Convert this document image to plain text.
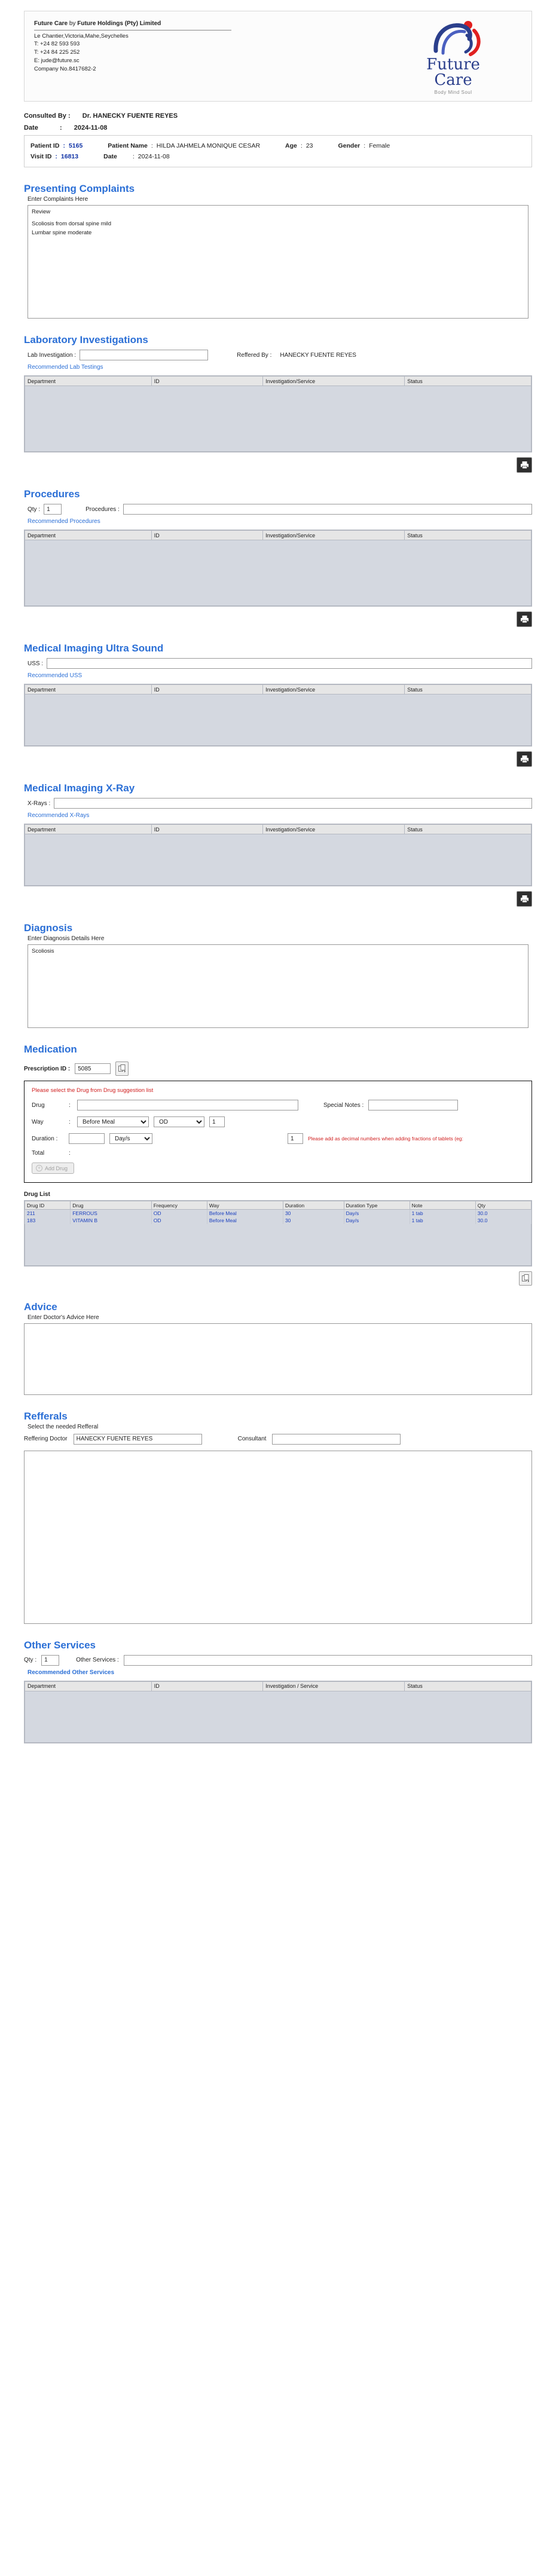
Future Care by Future Holdings (Pty) Limited
Le Chantier,Victoria,Mahe,Seychelles
T: +24 82 593 593
T: +24 84 225 252
E: jude@future.sc
Company No.8417682-2	Future
Care
Body Mind Soul
Consulted By : Dr. HANECKY FUENTE REYES
Date	: 2024-11-08
Patient ID : 5165	Patient Name : HILDA JAHMELA MONIQUE CESAR	Age : 23	Gender : Female
Visit ID : 16813	Date : 2024-11-08
Presenting Complaints
Enter Complaints Here
Review
Scoliosis from dorsal spine mild
Lumbar spine moderate
Laboratory Investigations
Lab Investigation :	Reffered By : HANECKY FUENTE REYES
Recommended Lab Testings
Department	ID	Investigation/Service	Status
Procedures
Qty :
1	Procedures :
Recommended Procedures
Department	ID	Investigation/Service	Status
Medical Imaging Ultra Sound
USS :
Recommended USS
Department	ID	Investigation/Service	Status
Medical Imaging X-Ray
X-Rays :
Recommended X-Rays
Department	ID	Investigation/Service	Status
Diagnosis
Enter Diagnosis Details Here
Scoliosis
Medication
Prescription ID :
5085
Please select the Drug from Drug suggestion list
Drug	:	Special Notes :
Way	:
Before Meal
OD
1
Duration :
Day/s
1	Please add as decimal numbers when adding fractions of tablets (eg:
Total	:
+ Add Drug
Drug List
Drug ID	Drug	Frequency	Way	Duration	Duration Type	Note	Qty
211	FERROUS	OD	Before Meal	30	Day/s	1 tab	30.0
183	VITAMIN B	OD	Before Meal	30	Day/s	1 tab	30.0
Advice
Enter Doctor's Advice Here
Refferals
Select the needed Refferal
Reffering Doctor
HANECKY FUENTE REYES	Consultant
Other Services
Qty :
1	Other Services :
Recommended Other Services
Department	ID	Investigation / Service	Status
